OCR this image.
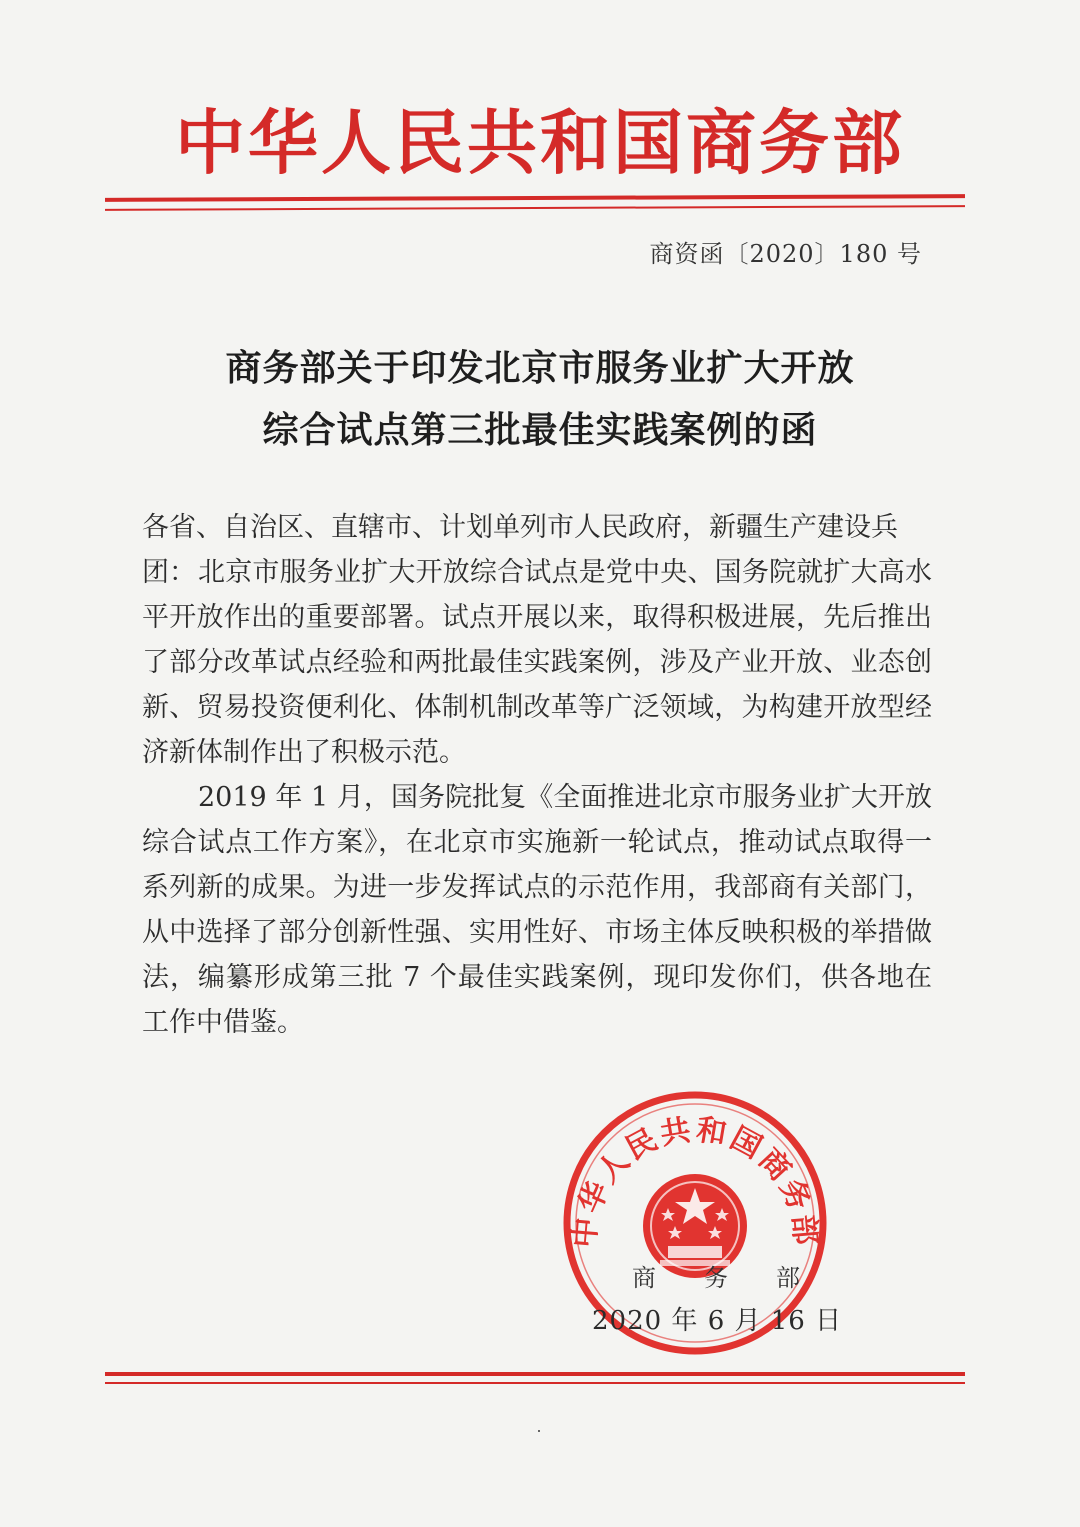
中华人民共和国商务部
商资函〔2020〕180 号
商务部关于印发北京市服务业扩大开放
综合试点第三批最佳实践案例的函
各省、自治区、直辖市、计划单列市人民政府，新疆生产建设兵团： 北京市服务业扩大开放综合试点是党中央、国务院就扩大高水平开放作出的重要部署。试点开展以来，取得积极进展，先后推出了部分改革试点经验和两批最佳实践案例，涉及产业开放、业态创新、贸易投资便利化、体制机制改革等广泛领域，为构建开放型经济新体制作出了积极示范。
2019 年 1 月，国务院批复《全面推进北京市服务业扩大开放综合试点工作方案》，在北京市实施新一轮试点，推动试点取得一系列新的成果。为进一步发挥试点的示范作用，我部商有关部门，从中选择了部分创新性强、实用性好、市场主体反映积极的举措做法，编纂形成第三批 7 个最佳实践案例，现印发你们，供各地在工作中借鉴。
中华人民共和国商务部
商务部
2020 年 6 月 16 日
